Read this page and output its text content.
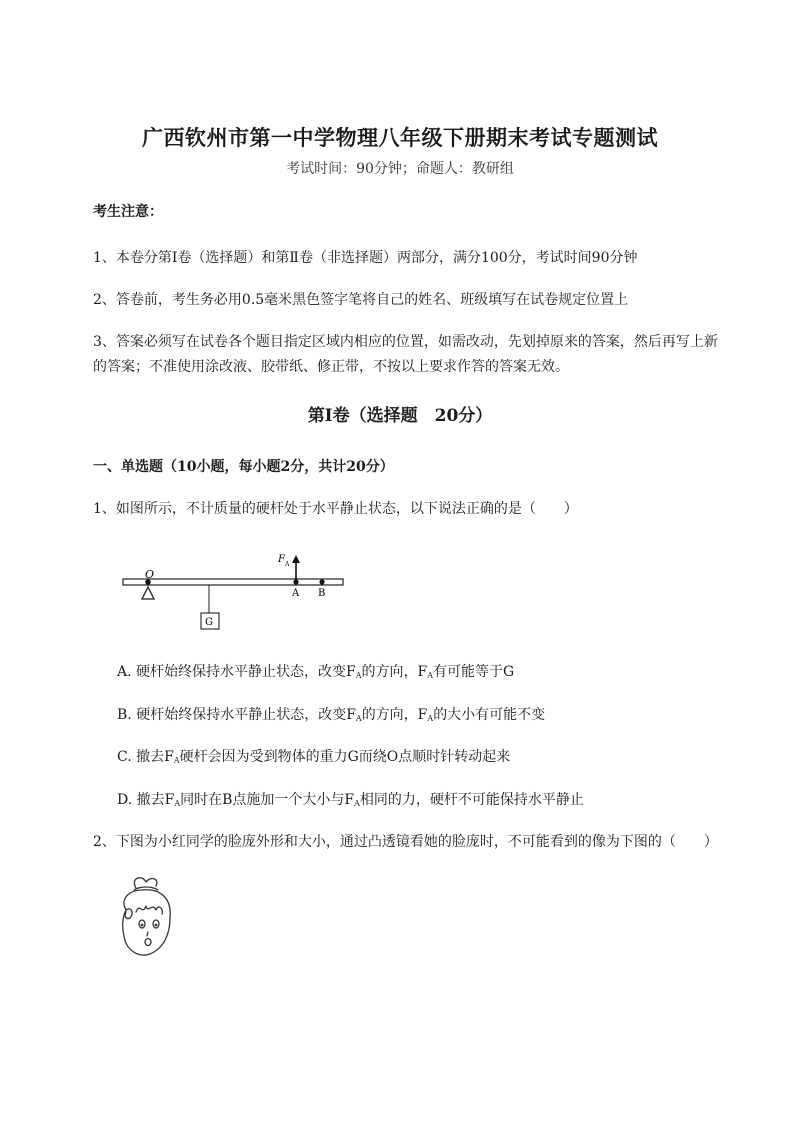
广西钦州市第一中学物理八年级下册期末考试专题测试
考试时间：90分钟；命题人：教研组
考生注意：
1、本卷分第I卷（选择题）和第Ⅱ卷（非选择题）两部分，满分100分，考试时间90分钟
2、答卷前，考生务必用0.5毫米黑色签字笔将自己的姓名、班级填写在试卷规定位置上
3、答案必须写在试卷各个题目指定区域内相应的位置，如需改动，先划掉原来的答案，然后再写上新
的答案；不准使用涂改液、胶带纸、修正带，不按以上要求作答的答案无效。
第I卷（选择题　20分）
一、单选题（10小题，每小题2分，共计20分）
1、如图所示，不计质量的硬杆处于水平静止状态，以下说法正确的是（　　）
O
F A
A B
G
A. 硬杆始终保持水平静止状态，改变$F_A$的方向，$F_A$有可能等于G
B. 硬杆始终保持水平静止状态，改变$F_A$的方向，$F_A$的大小有可能不变
C. 撤去$F_A$硬杆会因为受到物体的重力G而绕O点顺时针转动起来
D. 撤去$F_A$同时在B点施加一个大小与$F_A$相同的力，硬杆不可能保持水平静止
2、下图为小红同学的脸庞外形和大小，通过凸透镜看她的脸庞时，不可能看到的像为下图的（　　）
